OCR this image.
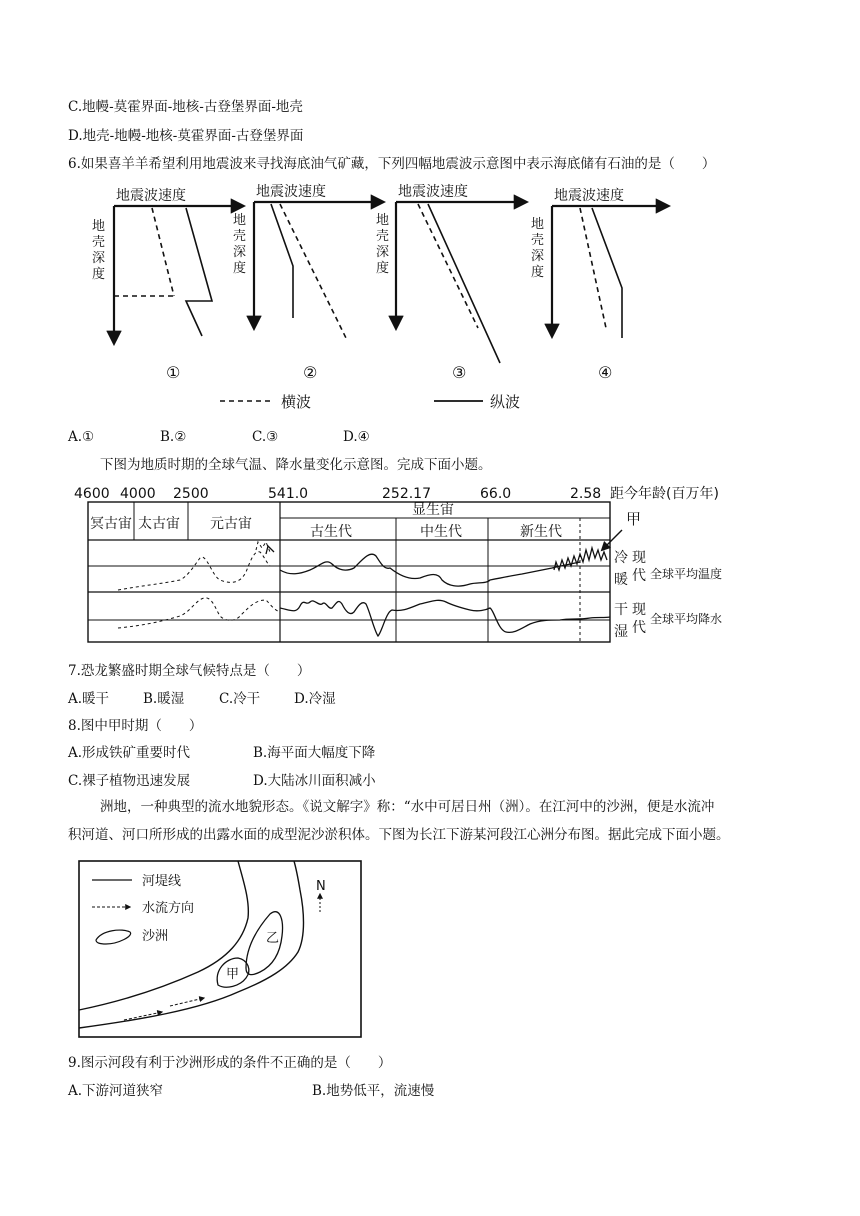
C.地幔-莫霍界面-地核-古登堡界面-地壳
D.地壳-地幔-地核-莫霍界面-古登堡界面
6.如果喜羊羊希望利用地震波来寻找海底油气矿藏，下列四幅地震波示意图中表示海底储有石油的是（　　）
地震波速度
地
壳
深
度
①
地震波速度
地
壳
深
度
②
地震波速度
地
壳
深
度
③
地震波速度
地
壳
深
度
④
横波	纵波
A.①	B.②	C.③	D.④
下图为地质时期的全球气温、降水量变化示意图。完成下面小题。
4600 4000 2500	541.0	252.17	66.0	2.58 距今年龄(百万年)
冥古宙 太古宙 元古宙
显生宙
古生代	中生代	新生代
甲
冷
暖
现
代 全球平均温度
干
湿
现
代
全球平均降水
7.恐龙繁盛时期全球气候特点是（　　）
A.暖干	B.暖湿	C.冷干	D.冷湿
8.图中甲时期（　　）
A.形成铁矿重要时代	B.海平面大幅度下降
C.裸子植物迅速发展	D.大陆冰川面积减小
洲地，一种典型的流水地貌形态。《说文解字》称：“水中可居日州（洲）。在江河中的沙洲，便是水流冲
积河道、河口所形成的出露水面的成型泥沙淤积体。下图为长江下游某河段江心洲分布图。据此完成下面小题。
河堤线
水流方向
沙洲
N
甲
乙
9.图示河段有利于沙洲形成的条件不正确的是（　　）
A.下游河道狭窄	B.地势低平，流速慢
